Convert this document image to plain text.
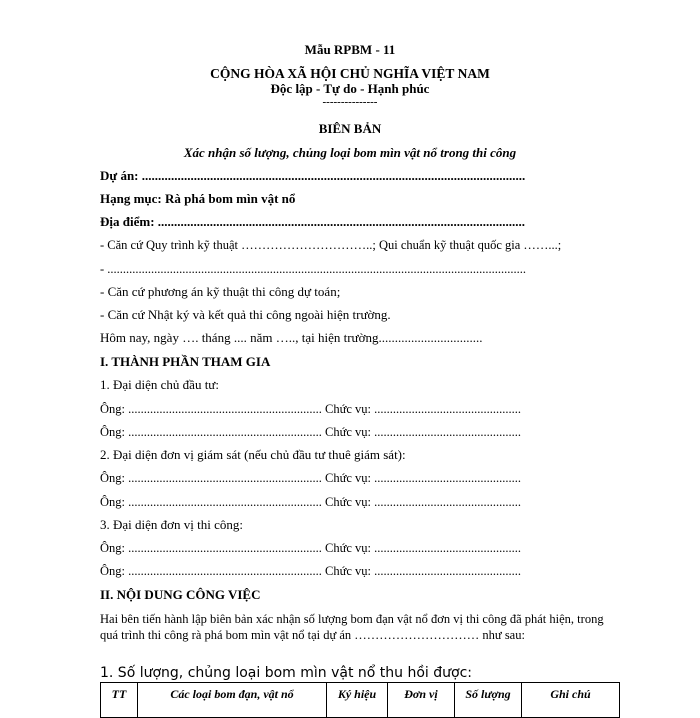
Mẫu RPBM - 11
CỘNG HÒA XÃ HỘI CHỦ NGHĨA VIỆT NAM
Độc lập - Tự do - Hạnh phúc
---------------
BIÊN BẢN
Xác nhận số lượng, chủng loại bom mìn vật nổ trong thi công
Dự án: ......................................................................................................................
Hạng mục: Rà phá bom mìn vật nổ
Địa điểm: .................................................................................................................
- Căn cứ Quy trình kỹ thuật …………………………..; Qui chuẩn kỹ thuật quốc gia ……...;
- ......................................................................................................................................
- Căn cứ phương án kỹ thuật thi công dự toán;
- Căn cứ Nhật ký và kết quả thi công ngoài hiện trường.
Hôm nay, ngày …. tháng .... năm ….., tại hiện trường................................
I. THÀNH PHẦN THAM GIA
1. Đại diện chủ đầu tư:
Ông: .............................................................. Chức vụ: ...............................................
Ông: .............................................................. Chức vụ: ...............................................
2. Đại diện đơn vị giám sát (nếu chủ đầu tư thuê giám sát):
Ông: .............................................................. Chức vụ: ...............................................
Ông: .............................................................. Chức vụ: ...............................................
3. Đại diện đơn vị thi công:
Ông: .............................................................. Chức vụ: ...............................................
Ông: .............................................................. Chức vụ: ...............................................
II. NỘI DUNG CÔNG VIỆC
Hai bên tiến hành lập biên bản xác nhận số lượng bom đạn vật nổ đơn vị thi công đã phát hiện, trong quá trình thi công rà phá bom mìn vật nổ tại dự án ………………………… như sau:
1. Số lượng, chủng loại bom mìn vật nổ thu hồi được:
TT	Các loại bom đạn, vật nổ	Ký hiệu	Đơn vị	Số lượng	Ghi chú
